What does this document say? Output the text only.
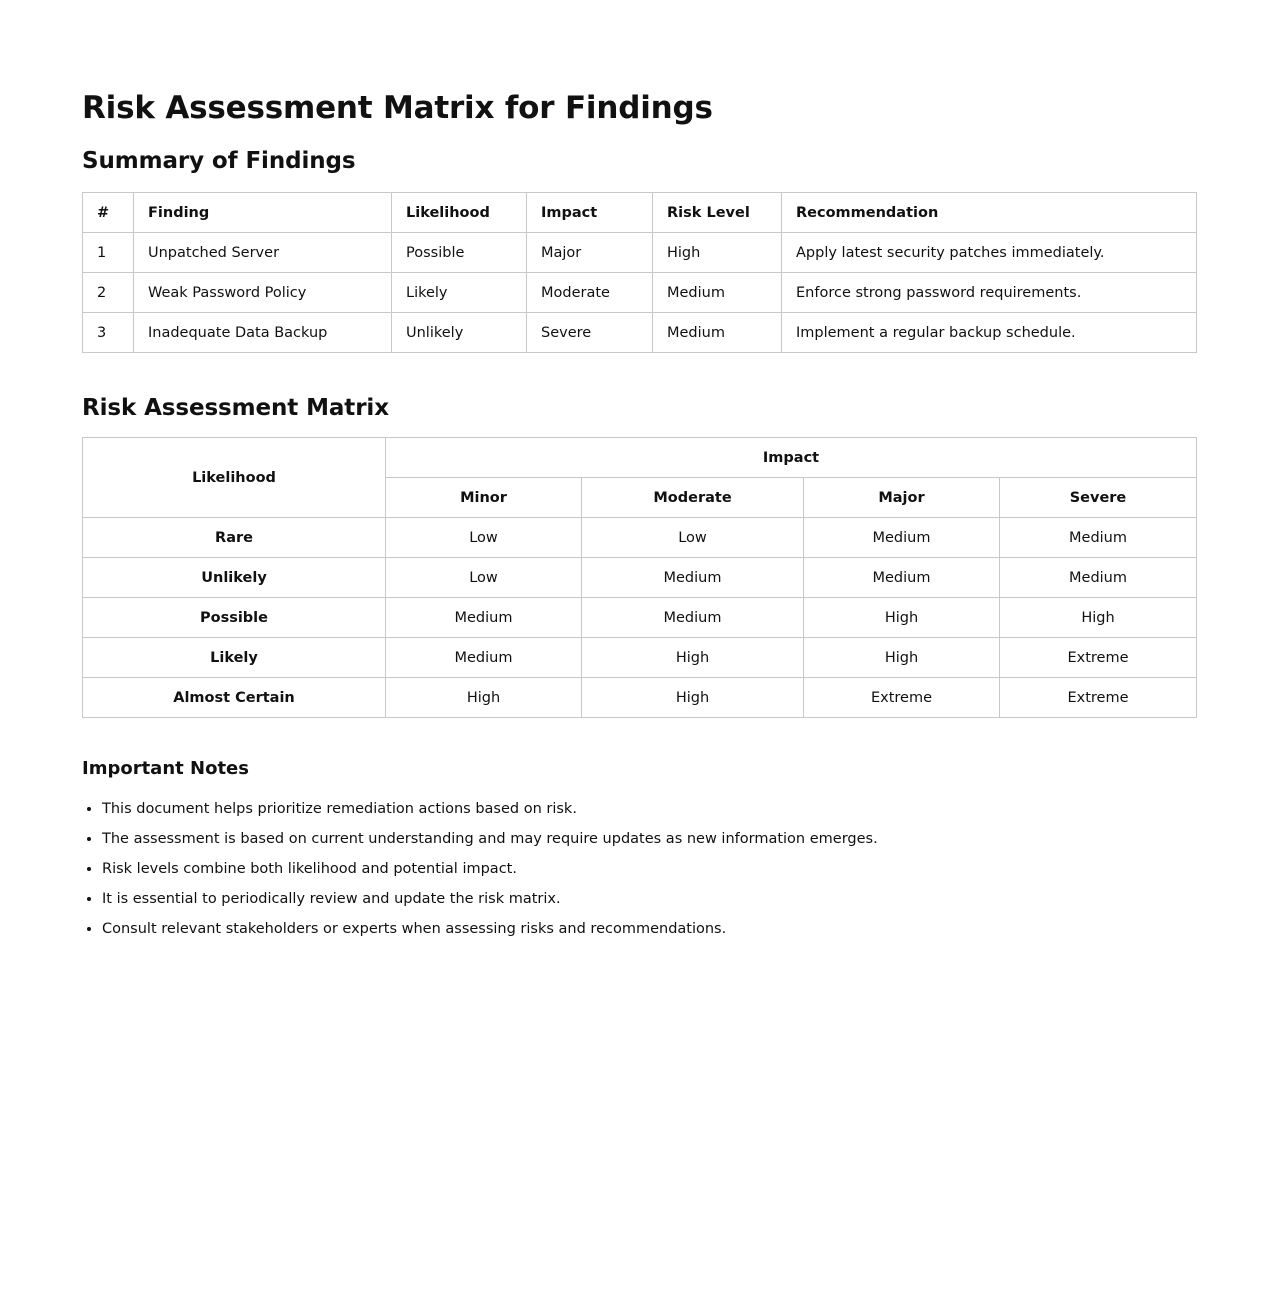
Risk Assessment Matrix for Findings
Summary of Findings
#	Finding	Likelihood	Impact	Risk Level	Recommendation
1	Unpatched Server	Possible	Major	High	Apply latest security patches immediately.
2	Weak Password Policy	Likely	Moderate	Medium	Enforce strong password requirements.
3	Inadequate Data Backup	Unlikely	Severe	Medium	Implement a regular backup schedule.
Risk Assessment Matrix
Likelihood	Impact			
	Minor	Moderate	Major	Severe
Rare	Low	Low	Medium	Medium
Unlikely	Low	Medium	Medium	Medium
Possible	Medium	Medium	High	High
Likely	Medium	High	High	Extreme
Almost Certain	High	High	Extreme	Extreme
Important Notes
• This document helps prioritize remediation actions based on risk.
• The assessment is based on current understanding and may require updates as new information emerges.
• Risk levels combine both likelihood and potential impact.
• It is essential to periodically review and update the risk matrix.
• Consult relevant stakeholders or experts when assessing risks and recommendations.
